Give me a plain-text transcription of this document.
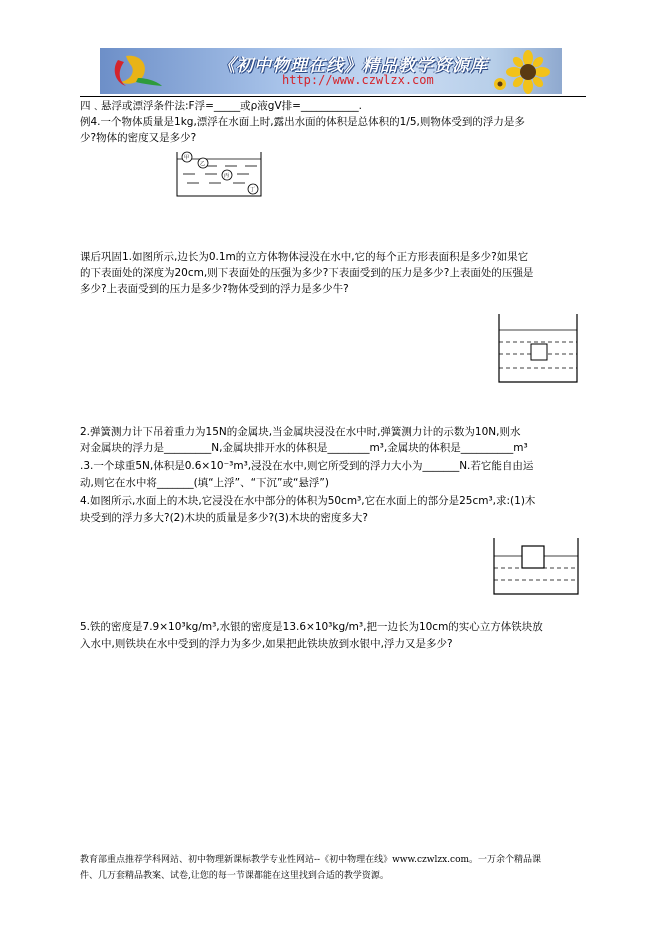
《初中物理在线》精品教学资源库
http://www.czwlzx.com
四﹑悬浮或漂浮条件法:F浮=_____或ρ液gV排=___________.
例4.一个物体质量是1kg,漂浮在水面上时,露出水面的体积是总体积的1/5,则物体受到的浮力是多
少?物体的密度又是多少?
甲
乙
丙
丁
课后巩固1.如图所示,边长为0.1m的立方体物体浸没在水中,它的每个正方形表面积是多少?如果它
的下表面处的深度为20cm,则下表面处的压强为多少?下表面受到的压力是多少?上表面处的压强是
多少?上表面受到的压力是多少?物体受到的浮力是多少牛?
2.弹簧测力计下吊着重力为15N的金属块,当金属块浸没在水中时,弹簧测力计的示数为10N,则水
对金属块的浮力是_________N,金属块排开水的体积是________m³,金属块的体积是__________m³
.3.一个球重5N,体积是0.6×10⁻³m³,浸没在水中,则它所受到的浮力大小为_______N.若它能自由运
动,则它在水中将_______(填“上浮”、“下沉”或“悬浮”)
4.如图所示,水面上的木块,它浸没在水中部分的体积为50cm³,它在水面上的部分是25cm³,求:(1)木
块受到的浮力多大?(2)木块的质量是多少?(3)木块的密度多大?
5.铁的密度是7.9×10³kg/m³,水银的密度是13.6×10³kg/m³,把一边长为10cm的实心立方体铁块放
入水中,则铁块在水中受到的浮力为多少,如果把此铁块放到水银中,浮力又是多少?
教育部重点推荐学科网站、初中物理新课标教学专业性网站--《初中物理在线》www.czwlzx.com。一万余个精品课
件、几万套精品教案、试卷,让您的每一节课都能在这里找到合适的教学资源。
